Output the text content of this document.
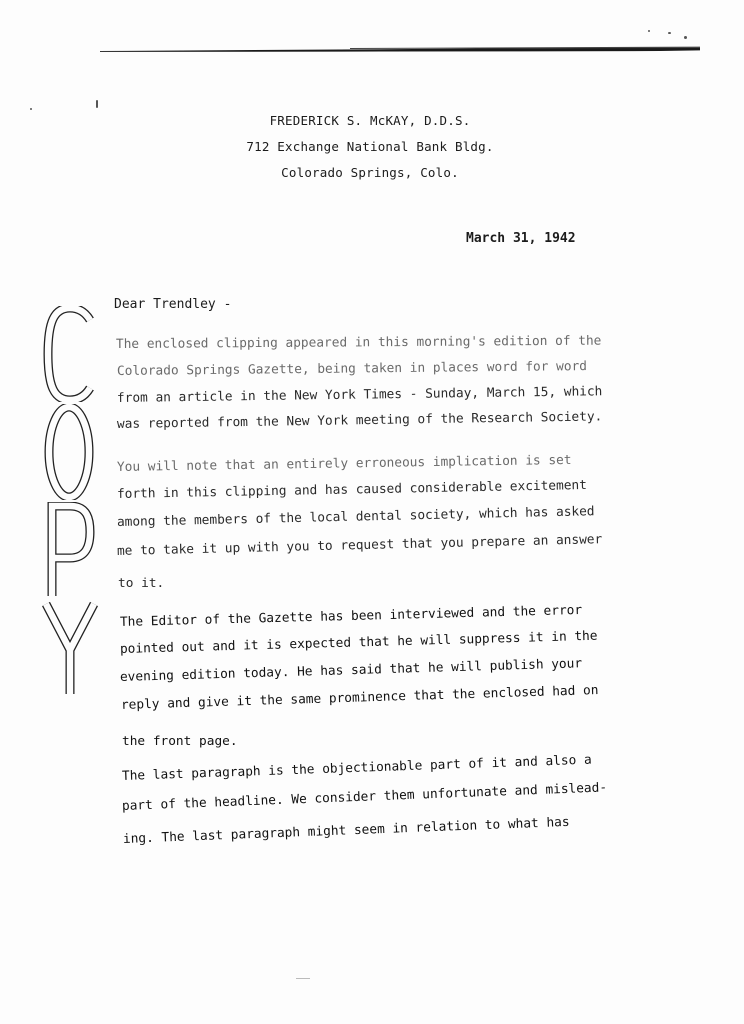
FREDERICK S. McKAY, D.D.S.
712 Exchange National Bank Bldg.
Colorado Springs, Colo.
March 31, 1942
Dear Trendley -
C
O
P
Y
The enclosed clipping appeared in this morning's edition of the
Colorado Springs Gazette, being taken in places word for word
from an article in the New York Times - Sunday, March 15, which
was reported from the New York meeting of the Research Society.
You will note that an entirely erroneous implication is set
forth in this clipping and has caused considerable excitement
among the members of the local dental society, which has asked
me to take it up with you to request that you prepare an answer
to it.
The Editor of the Gazette has been interviewed and the error
pointed out and it is expected that he will suppress it in the
evening edition today. He has said that he will publish your
reply and give it the same prominence that the enclosed had on
the front page.
The last paragraph is the objectionable part of it and also a
part of the headline. We consider them unfortunate and mislead-
ing. The last paragraph might seem in relation to what has
